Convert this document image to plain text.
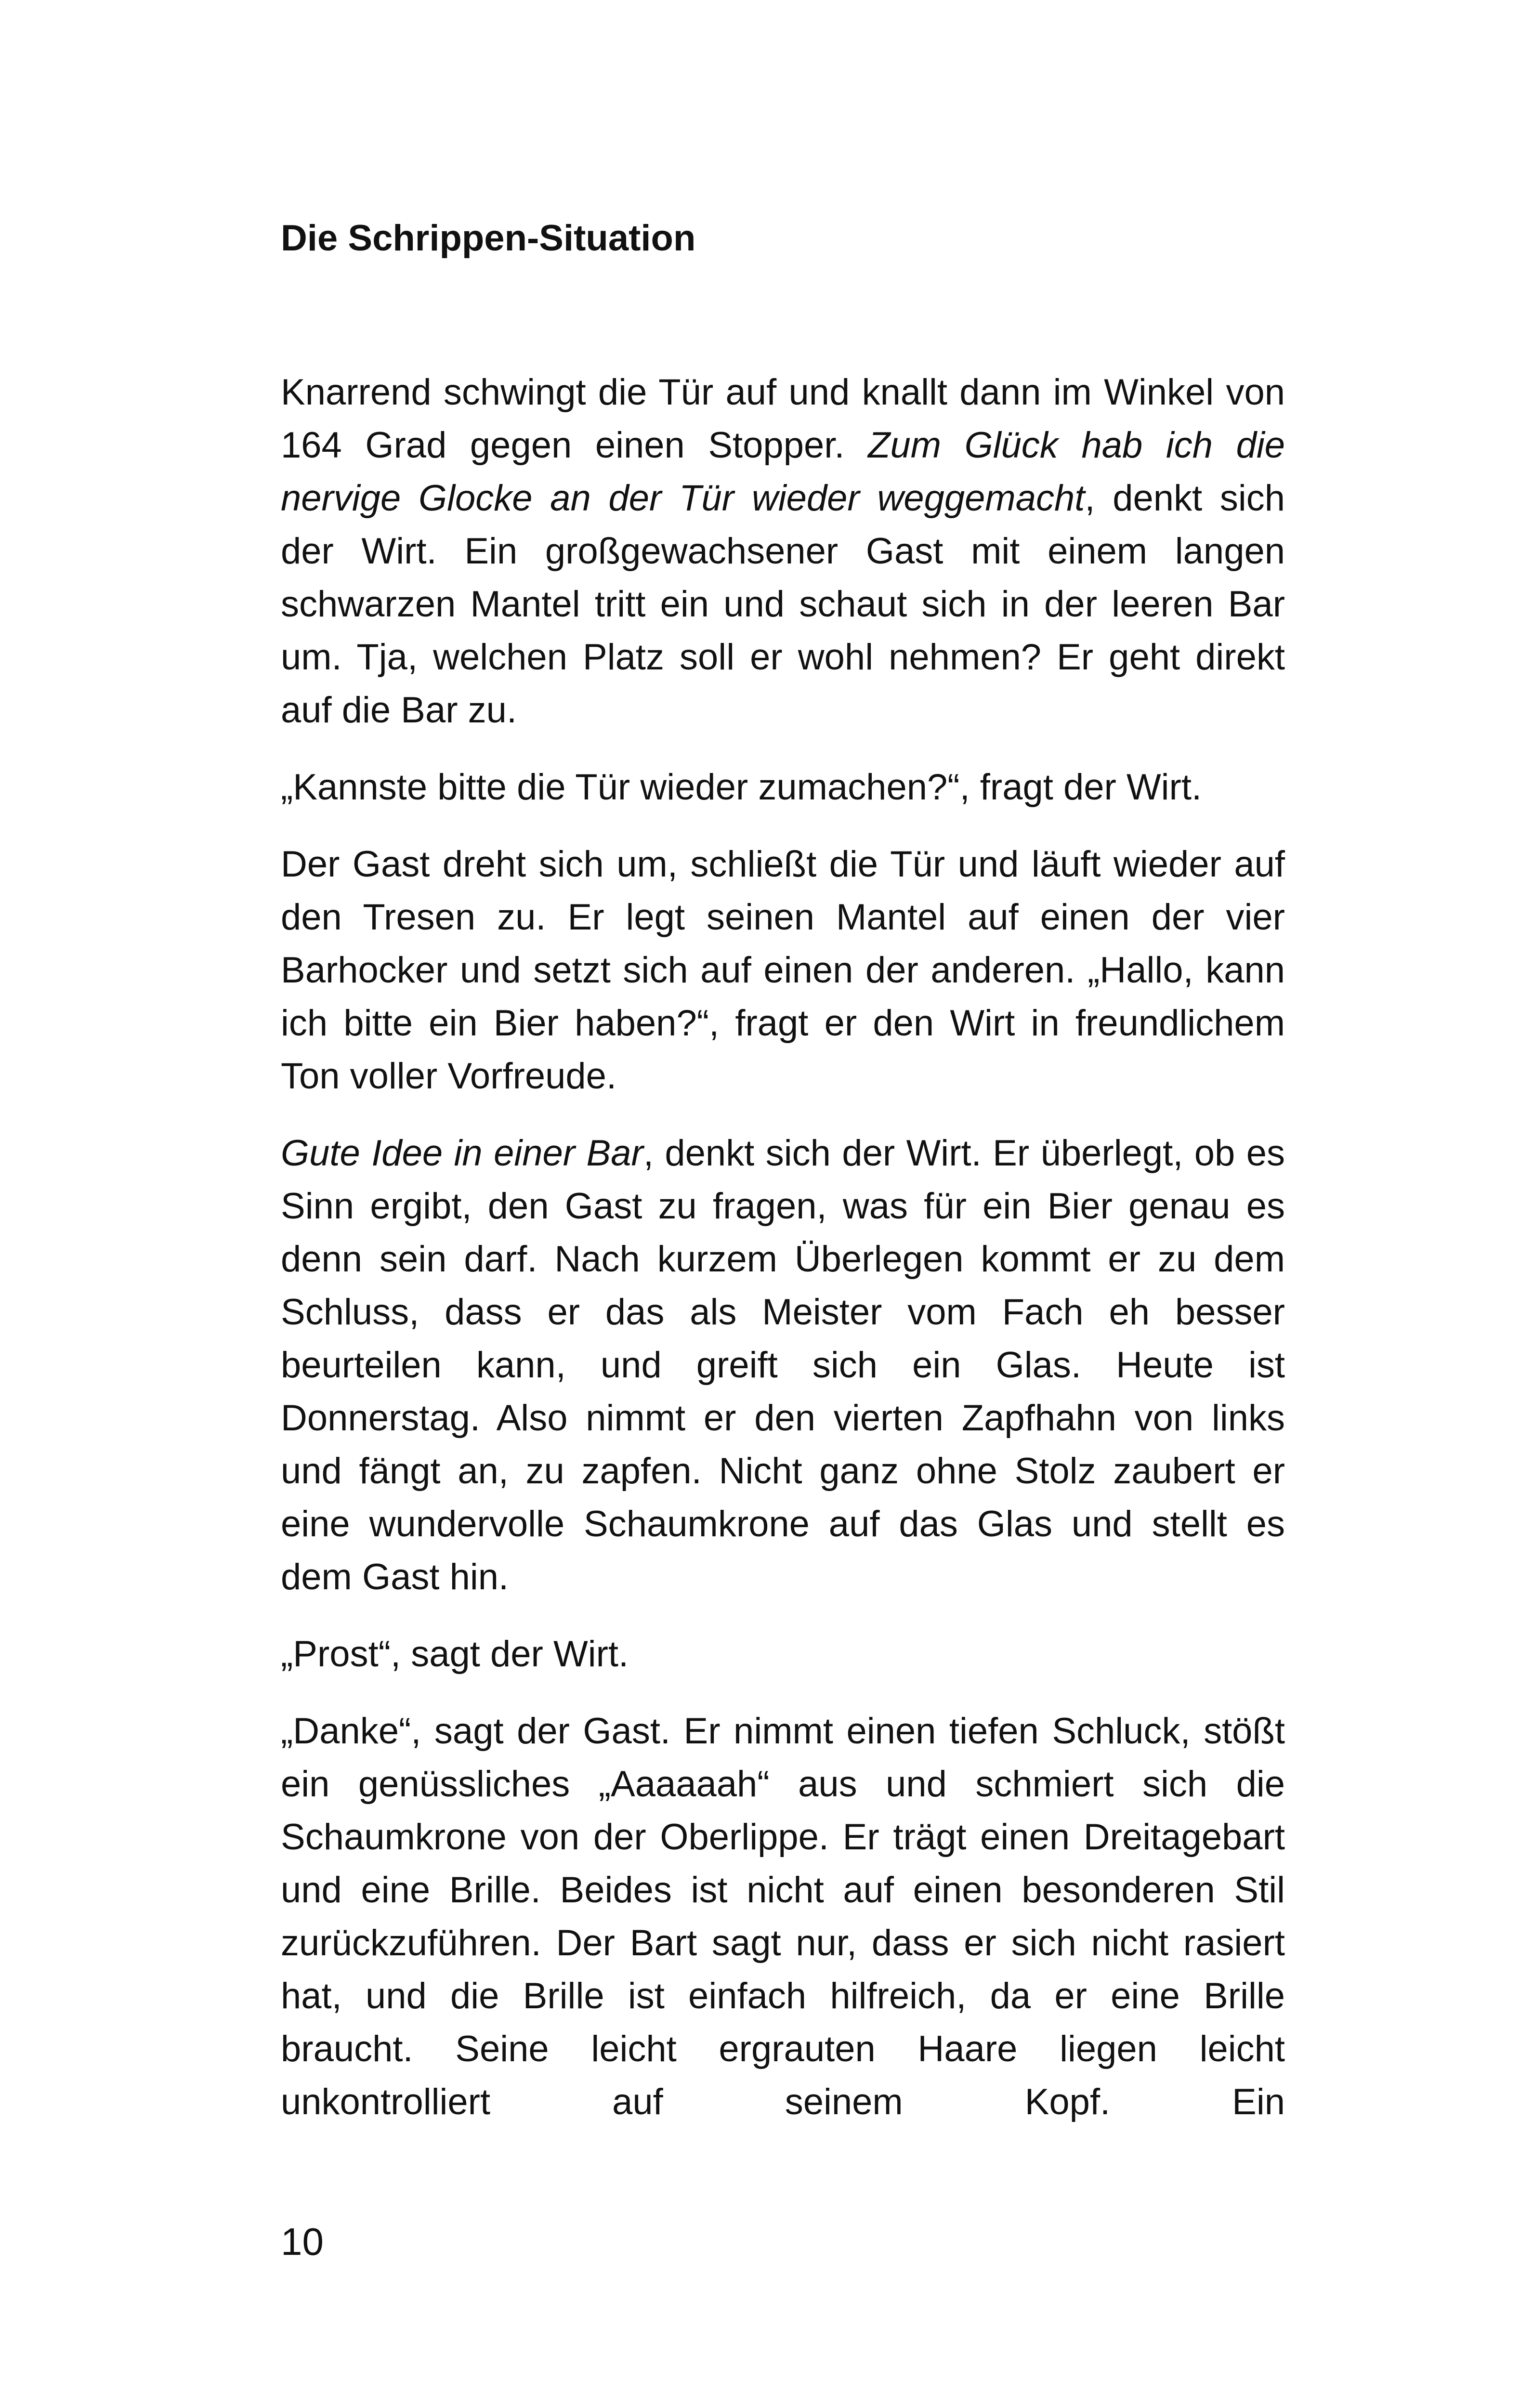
Die Schrippen-Situation

Knarrend schwingt die Tür auf und knallt dann im Winkel von 164 Grad gegen einen Stopper. Zum Glück hab ich die nervige Glocke an der Tür wieder weggemacht, denkt sich der Wirt. Ein großgewachsener Gast mit einem langen schwarzen Mantel tritt ein und schaut sich in der leeren Bar um. Tja, welchen Platz soll er wohl nehmen? Er geht direkt auf die Bar zu.

„Kannste bitte die Tür wieder zumachen?“, fragt der Wirt.

Der Gast dreht sich um, schließt die Tür und läuft wieder auf den Tresen zu. Er legt seinen Mantel auf einen der vier Barhocker und setzt sich auf einen der anderen. „Hallo, kann ich bitte ein Bier haben?“, fragt er den Wirt in freundlichem Ton voller Vorfreude.

Gute Idee in einer Bar, denkt sich der Wirt. Er überlegt, ob es Sinn ergibt, den Gast zu fragen, was für ein Bier genau es denn sein darf. Nach kurzem Überlegen kommt er zu dem Schluss, dass er das als Meister vom Fach eh besser beurteilen kann, und greift sich ein Glas. Heute ist Donnerstag. Also nimmt er den vierten Zapfhahn von links und fängt an, zu zapfen. Nicht ganz ohne Stolz zaubert er eine wundervolle Schaumkrone auf das Glas und stellt es dem Gast hin.

„Prost“, sagt der Wirt.

„Danke“, sagt der Gast. Er nimmt einen tiefen Schluck, stößt ein genüssliches „Aaaaaah“ aus und schmiert sich die Schaumkrone von der Oberlippe. Er trägt einen Dreitagebart und eine Brille. Beides ist nicht auf einen besonderen Stil zurückzuführen. Der Bart sagt nur, dass er sich nicht rasiert hat, und die Brille ist einfach hilfreich, da er eine Brille braucht. Seine leicht ergrauten Haare liegen leicht unkontrolliert auf seinem Kopf. Ein

10
